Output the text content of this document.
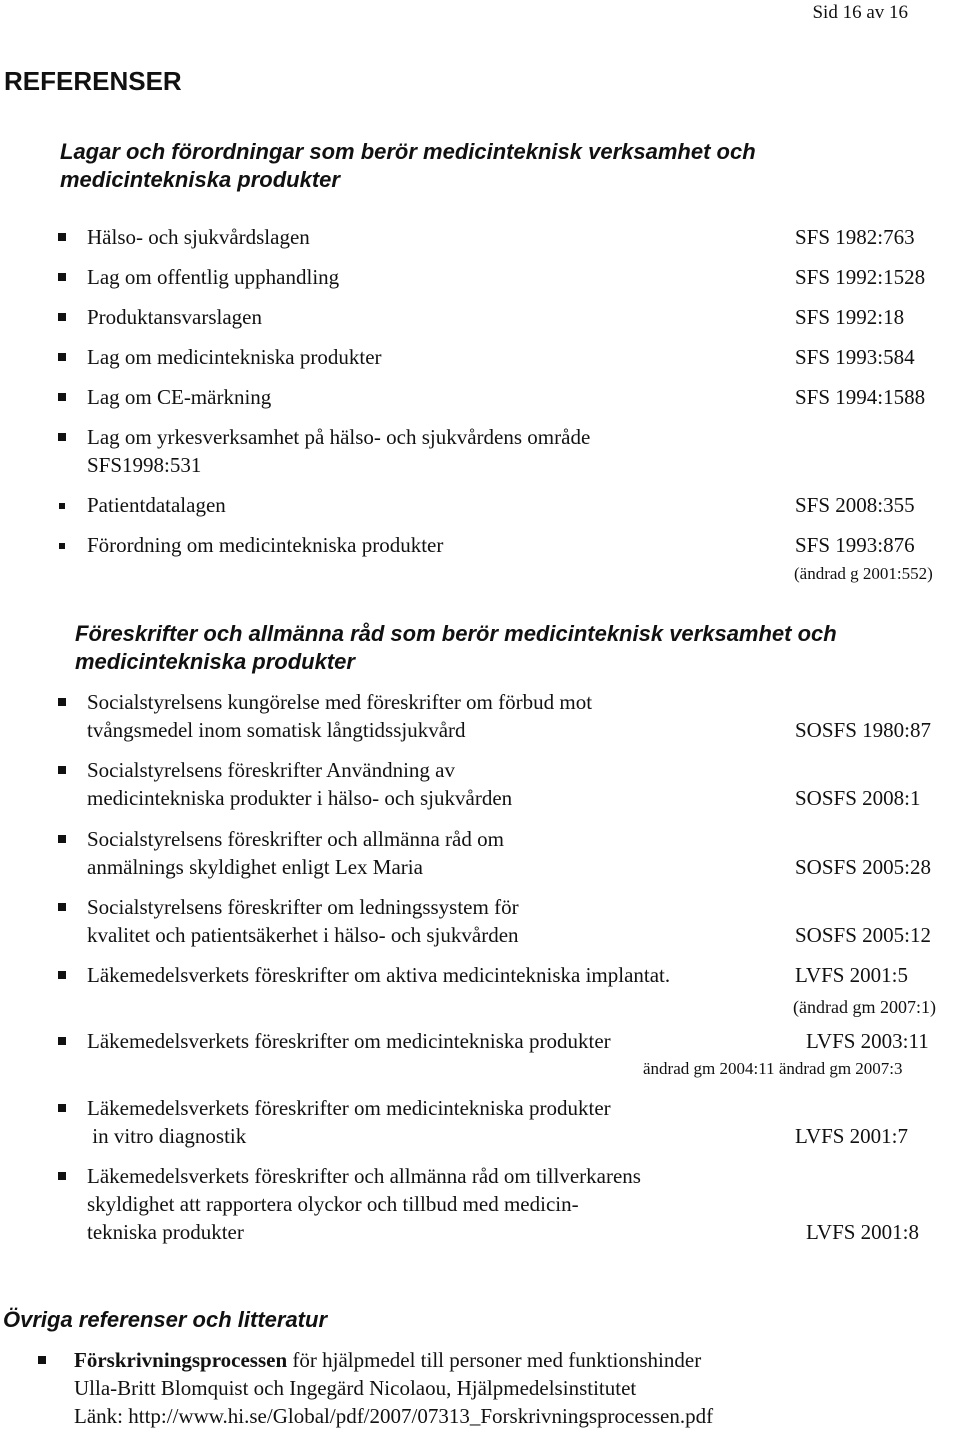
Sid 16 av 16
REFERENSER
Lagar och förordningar som berör medicinteknisk verksamhet och
medicintekniska produkter
Hälso- och sjukvårdslagen	SFS 1982:763
Lag om offentlig upphandling	SFS 1992:1528
Produktansvarslagen	SFS 1992:18
Lag om medicintekniska produkter	SFS 1993:584
Lag om CE-märkning	SFS 1994:1588
Lag om yrkesverksamhet på hälso- och sjukvårdens område
SFS1998:531
Patientdatalagen	SFS 2008:355
Förordning om medicintekniska produkter	SFS 1993:876
(ändrad g 2001:552)
Föreskrifter och allmänna råd som berör medicinteknisk verksamhet och
medicintekniska produkter
Socialstyrelsens kungörelse med föreskrifter om förbud mot
tvångsmedel inom somatisk långtidssjukvård	SOSFS 1980:87
Socialstyrelsens föreskrifter Användning av
medicintekniska produkter i hälso- och sjukvården	SOSFS 2008:1
Socialstyrelsens föreskrifter och allmänna råd om
anmälnings skyldighet enligt Lex Maria	SOSFS 2005:28
Socialstyrelsens föreskrifter om ledningssystem för
kvalitet och patientsäkerhet i hälso- och sjukvården	SOSFS 2005:12
Läkemedelsverkets föreskrifter om aktiva medicintekniska implantat.	LVFS 2001:5
(ändrad gm 2007:1)
Läkemedelsverkets föreskrifter om medicintekniska produkter	LVFS 2003:11
ändrad gm 2004:11 ändrad gm 2007:3
Läkemedelsverkets föreskrifter om medicintekniska produkter
in vitro diagnostik	LVFS 2001:7
Läkemedelsverkets föreskrifter och allmänna råd om tillverkarens
skyldighet att rapportera olyckor och tillbud med medicin-
tekniska produkter	LVFS 2001:8
Övriga referenser och litteratur
Förskrivningsprocessen för hjälpmedel till personer med funktionshinder
Ulla-Britt Blomquist och Ingegärd Nicolaou, Hjälpmedelsinstitutet
Länk: http://www.hi.se/Global/pdf/2007/07313_Forskrivningsprocessen.pdf
